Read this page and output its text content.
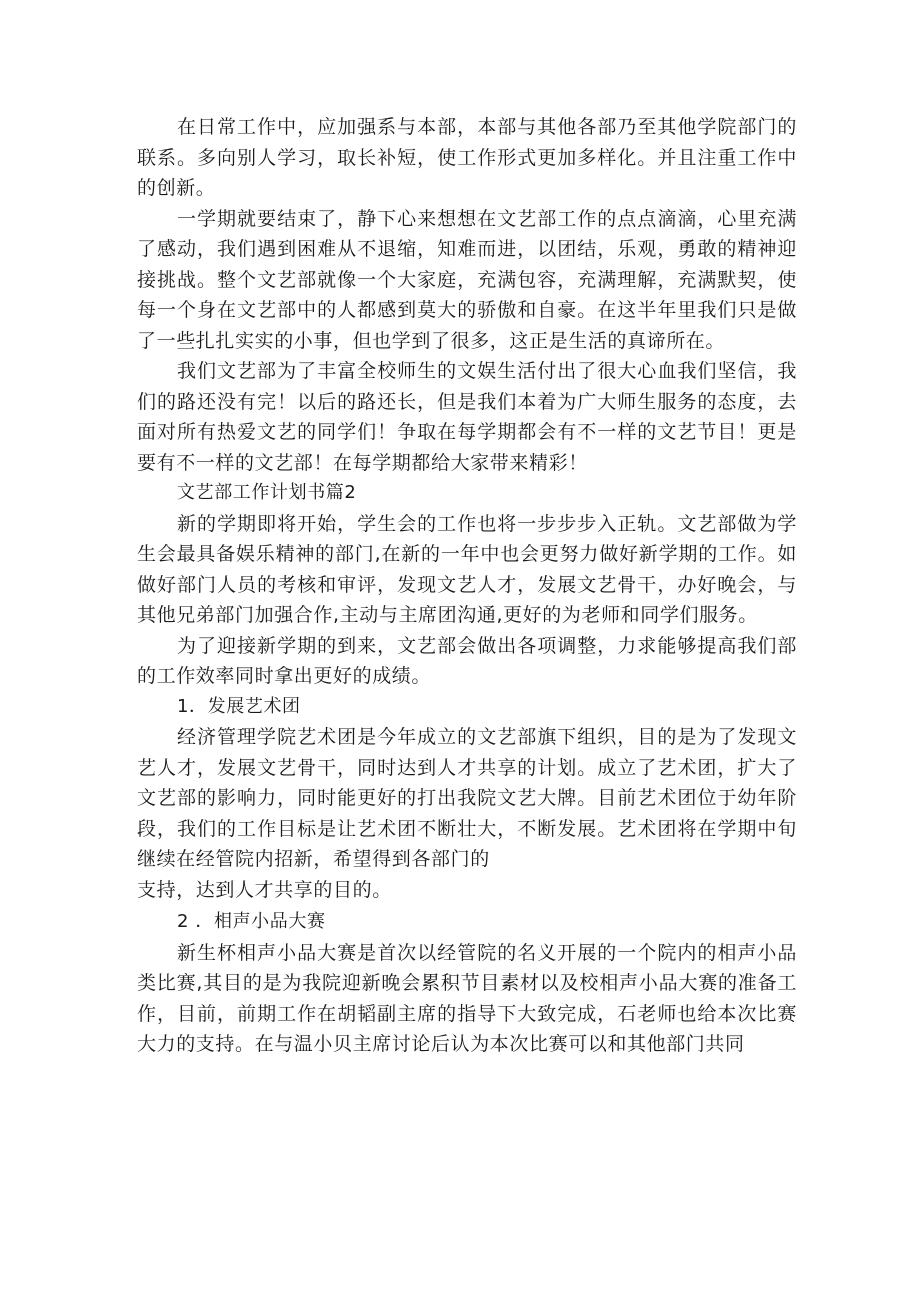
在日常工作中，应加强系与本部，本部与其他各部乃至其他学院部门的联系。多向别人学习，取长补短，使工作形式更加多样化。并且注重工作中的创新。

一学期就要结束了，静下心来想想在文艺部工作的点点滴滴，心里充满了感动，我们遇到困难从不退缩，知难而进，以团结，乐观，勇敢的精神迎接挑战。整个文艺部就像一个大家庭，充满包容，充满理解，充满默契，使每一个身在文艺部中的人都感到莫大的骄傲和自豪。在这半年里我们只是做了一些扎扎实实的小事，但也学到了很多，这正是生活的真谛所在。

我们文艺部为了丰富全校师生的文娱生活付出了很大心血我们坚信，我们的路还没有完！以后的路还长，但是我们本着为广大师生服务的态度，去面对所有热爱文艺的同学们！争取在每学期都会有不一样的文艺节目！更是要有不一样的文艺部！在每学期都给大家带来精彩！

文艺部工作计划书篇2

新的学期即将开始，学生会的工作也将一步步步入正轨。文艺部做为学生会最具备娱乐精神的部门,在新的一年中也会更努力做好新学期的工作。如做好部门人员的考核和审评，发现文艺人才，发展文艺骨干，办好晚会，与其他兄弟部门加强合作,主动与主席团沟通,更好的为老师和同学们服务。

为了迎接新学期的到来，文艺部会做出各项调整，力求能够提高我们部的工作效率同时拿出更好的成绩。

1．发展艺术团

经济管理学院艺术团是今年成立的文艺部旗下组织，目的是为了发现文艺人才，发展文艺骨干，同时达到人才共享的计划。成立了艺术团，扩大了文艺部的影响力，同时能更好的打出我院文艺大牌。目前艺术团位于幼年阶段，我们的工作目标是让艺术团不断壮大，不断发展。艺术团将在学期中旬继续在经管院内招新，希望得到各部门的

支持，达到人才共享的目的。

2 ．相声小品大赛

新生杯相声小品大赛是首次以经管院的名义开展的一个院内的相声小品类比赛,其目的是为我院迎新晚会累积节目素材以及校相声小品大赛的准备工作，目前，前期工作在胡韬副主席的指导下大致完成，石老师也给本次比赛大力的支持。在与温小贝主席讨论后认为本次比赛可以和其他部门共同
